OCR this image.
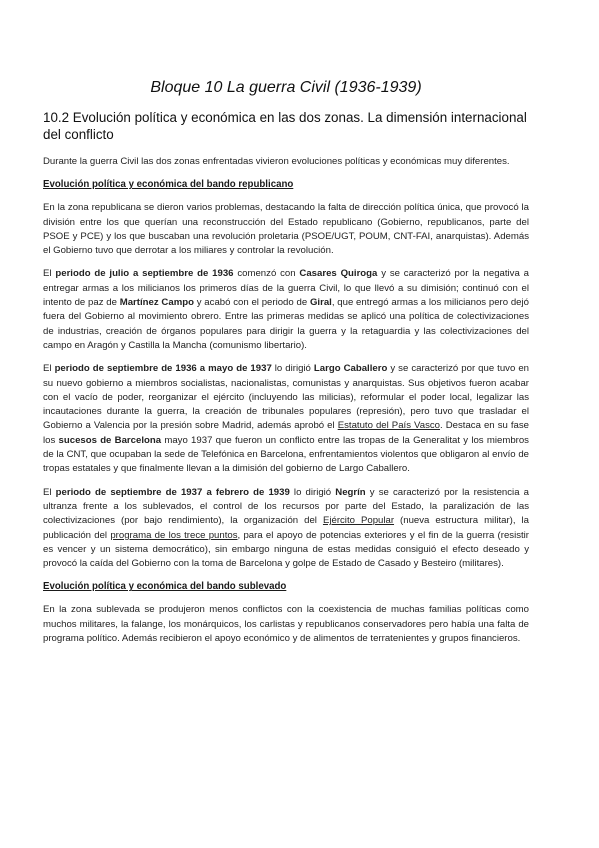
Bloque 10 La guerra Civil (1936-1939)
10.2 Evolución política y económica en las dos zonas. La dimensión internacional del conflicto

Durante la guerra Civil las dos zonas enfrentadas vivieron evoluciones políticas y económicas muy diferentes.

Evolución política y económica del bando republicano

En la zona republicana se dieron varios problemas, destacando la falta de dirección política única, que provocó la división entre los que querían una reconstrucción del Estado republicano (Gobierno, republicanos, parte del PSOE y PCE) y los que buscaban una revolución proletaria (PSOE/UGT, POUM, CNT-FAI, anarquistas). Además el Gobierno tuvo que derrotar a los miliares y controlar la revolución.

El periodo de julio a septiembre de 1936 comenzó con Casares Quiroga y se caracterizó por la negativa a entregar armas a los milicianos los primeros días de la guerra Civil, lo que llevó a su dimisión; continuó con el intento de paz de Martínez Campo y acabó con el periodo de Giral, que entregó armas a los milicianos pero dejó fuera del Gobierno al movimiento obrero. Entre las primeras medidas se aplicó una política de colectivizaciones de industrias, creación de órganos populares para dirigir la guerra y la retaguardia y las colectivizaciones del campo en Aragón y Castilla la Mancha (comunismo libertario).

El periodo de septiembre de 1936 a mayo de 1937 lo dirigió Largo Caballero y se caracterizó por que tuvo en su nuevo gobierno a miembros socialistas, nacionalistas, comunistas y anarquistas. Sus objetivos fueron acabar con el vacío de poder, reorganizar el ejército (incluyendo las milicias), reformular el poder local, legalizar las incautaciones durante la guerra, la creación de tribunales populares (represión), pero tuvo que trasladar el Gobierno a Valencia por la presión sobre Madrid, además aprobó el Estatuto del País Vasco. Destaca en su fase los sucesos de Barcelona mayo 1937 que fueron un conflicto entre las tropas de la Generalitat y los miembros de la CNT, que ocupaban la sede de Telefónica en Barcelona, enfrentamientos violentos que obligaron al envío de tropas estatales y que finalmente llevan a la dimisión del gobierno de Largo Caballero.

El periodo de septiembre de 1937 a febrero de 1939 lo dirigió Negrín y se caracterizó por la resistencia a ultranza frente a los sublevados, el control de los recursos por parte del Estado, la paralización de las colectivizaciones (por bajo rendimiento), la organización del Ejército Popular (nueva estructura militar), la publicación del programa de los trece puntos, para el apoyo de potencias exteriores y el fin de la guerra (resistir es vencer y un sistema democrático), sin embargo ninguna de estas medidas consiguió el efecto deseado y provocó la caída del Gobierno con la toma de Barcelona y golpe de Estado de Casado y Besteiro (militares).

Evolución política y económica del bando sublevado

En la zona sublevada se produjeron menos conflictos con la coexistencia de muchas familias políticas como muchos militares, la falange, los monárquicos, los carlistas y republicanos conservadores pero había una falta de programa político. Además recibieron el apoyo económico y de alimentos de terratenientes y grupos financieros.
